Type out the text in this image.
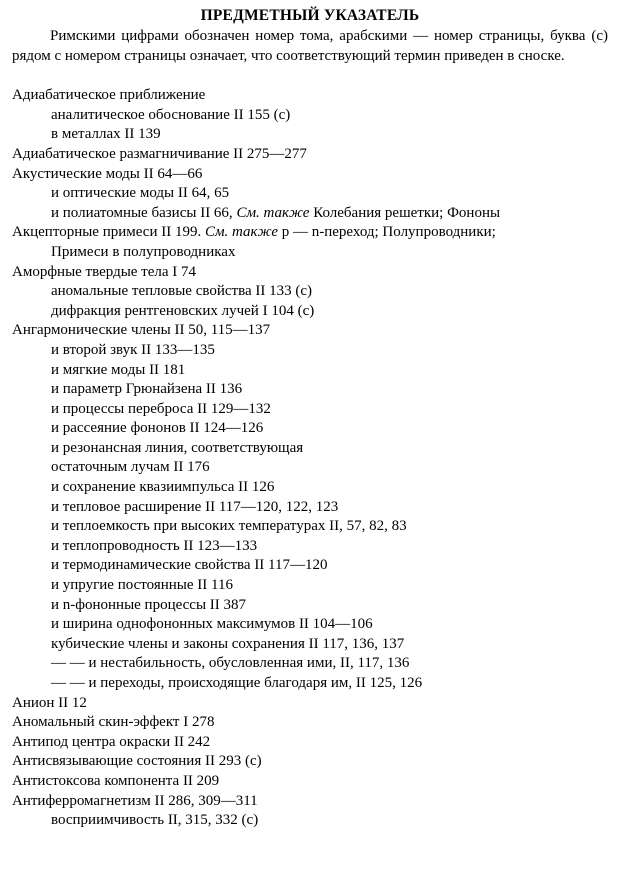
ПРЕДМЕТНЫЙ УКАЗАТЕЛЬ

Римскими цифрами обозначен номер тома, арабскими — номер страницы, буква (с) рядом с номером страницы означает, что соответствующий термин приведен в сноске.

Адиабатическое приближение
аналитическое обоснование II 155 (с)
в металлах II 139
Адиабатическое размагничивание II 275—277
Акустические моды II 64—66
и оптические моды II 64, 65
и полиатомные базисы II 66, См. также Колебания решетки; Фононы
Акцепторные примеси II 199. См. также p — n-переход; Полупроводники;
Примеси в полупроводниках
Аморфные твердые тела I 74
аномальные тепловые свойства II 133 (с)
дифракция рентгеновских лучей I 104 (с)
Ангармонические члены II 50, 115—137
и второй звук II 133—135
и мягкие моды II 181
и параметр Грюнайзена II 136
и процессы переброса II 129—132
и рассеяние фононов II 124—126
и резонансная линия, соответствующая
остаточным лучам II 176
и сохранение квазиимпульса II 126
и тепловое расширение II 117—120, 122, 123
и теплоемкость при высоких температурах II, 57, 82, 83
и теплопроводность II 123—133
и термодинамические свойства II 117—120
и упругие постоянные II 116
и n-фононные процессы II 387
и ширина однофононных максимумов II 104—106
кубические члены и законы сохранения II 117, 136, 137
— — и нестабильность, обусловленная ими, II, 117, 136
— — и переходы, происходящие благодаря им, II 125, 126
Анион II 12
Аномальный скин-эффект I 278
Антипод центра окраски II 242
Антисвязывающие состояния II 293 (с)
Антистоксова компонента II 209
Антиферромагнетизм II 286, 309—311
восприимчивость II, 315, 332 (с)
